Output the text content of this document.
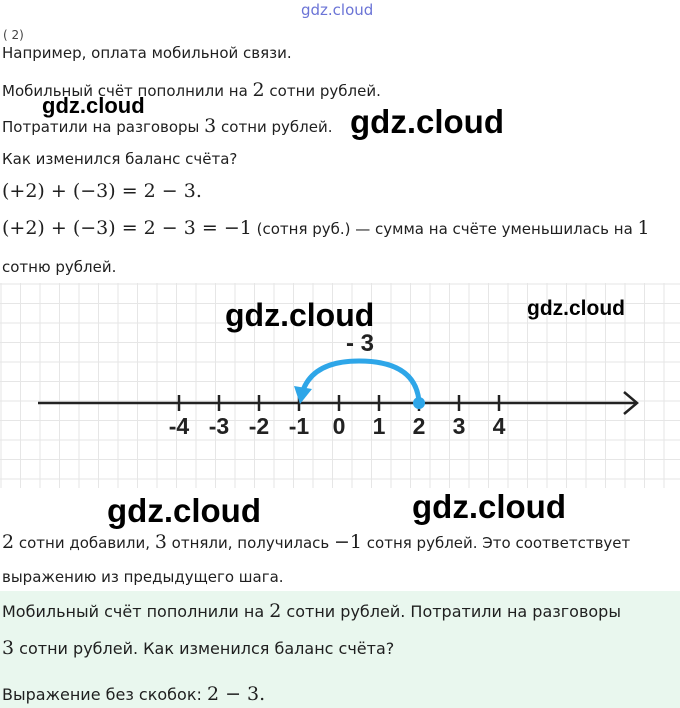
gdz.cloud
( 2)
Например, оплата мобильной связи.
Мобильный счёт пополнили на 2 сотни рублей.
Потратили на разговоры 3 сотни рублей.
Как изменился баланс счёта?
(+2) + (−3) = 2 − 3.
(+2) + (−3) = 2 − 3 = −1 (сотня руб.) — сумма на счёте уменьшилась на 1
сотню рублей.
-4 -3 -2 -1 0 1 2 3 4
- 3
2 сотни добавили, 3 отняли, получилась −1 сотня рублей. Это соответствует
выражению из предыдущего шага.
Мобильный счёт пополнили на 2 сотни рублей. Потратили на разговоры
3 сотни рублей. Как изменился баланс счёта?
Выражение без скобок: 2 − 3.
gdz.cloud	gdz.cloud
gdz.cloud	gdz.cloud
gdz.cloud	gdz.cloud
